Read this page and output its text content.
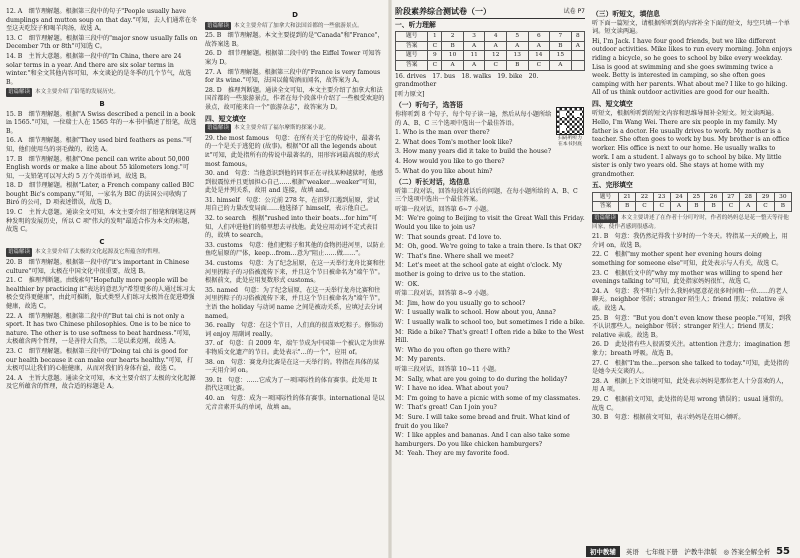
12. A　细节理解题。根据第三段中的句子"People usually have dumplings and mutton soup on that day."可知，去人们通常在冬至这天吃饺子和喝羊肉汤，故选 A。
13. C　细节理解题。根据第三段中的"major snow usually falls on December 7th or 8th"可知选 C。
14. B　主旨大意题。根据第一段中的"In China, there are 24 solar terms in a year. And there are six solar terms in winter."和全文其他内容可知，本文谈论的是冬季的几个节气，故选 B。
语篇解读 本文主要介绍了铅笔的发展历史。
B
15. B　细节理解题。根据"A Swiss described a pencil in a book in 1565."可知，一位瑞士人在 1565 年的一本书中描述了铅笔，故选 B。
16. A　细节理解题。根据"They used bird feathers as pens."可知，他们使用鸟的羽毛做的，故选 A。
17. B　细节理解题。根据"One pencil can write about 50,000 English words or make a line about 55 kilometers long."可知，一支铅笔可以写大约 5 万个英语单词，故选 B。
18. D　细节理解题。根据"Later, a French company called BIC bought Bic's company."可知，一家名为 BIC 的法国公司收购了 Biró 的公司，D 项表述错误，故选 D。
19. C　主旨大意题。通读全文可知，本文主要介绍了铅笔和钢笔这两种发明的发展历史，所以 C 项"伟大的发明"最适合作为本文的标题，故选 C。
C
语篇解读 本文主要介绍了太极的文化起源及它所蕴含的哲理。
20. B　细节理解题。根据第一段中的"it's important in Chinese culture"可知，太极在中国文化中很重要，故选 B。
21. C　推理判断题。由线索句"Hopefully more people will be healthier by practicing it"表达的意思为"希望更多的人通过练习太极会变得更健康"，由此可推断，版式类型人们练习太极旨在促进增强健康，故选 C。
22. A　细节理解题。根据第二段中的"But tai chi is not only a sport. It has two Chinese philosophies. One is to be nice to nature. The other is to use softness to beat hardness."可知，太极蕴含两个哲理，一是善待大自然，二是以柔克刚，故选 A。
23. C　细节理解题。根据第三段中的"Doing tai chi is good for our health because it can make our hearts healthy."可知，打太极可以让我们的心脏健康，从而对我们的身体有益，故选 C。
24. A　主旨大意题。通读全文可知，本文主要介绍了太极的文化起源及它所蕴含的哲理，故合适的标题是 A。
D
语篇解读 本文主要介绍了加拿大和法国首都的一些旅游景点。
25. B　细节理解题。本文主要提到的是"Canada"和"France"，故答案选 B。
26. D　细节理解题。根据第二段中的 the Eiffel Tower 可知答案为 D。
27. A　细节理解题。根据第三段中的"France is very famous for its wine."可知，法国以葡萄酒而闻名，故答案为 A。
28. D　推理判断题。通读全文可知，本文主要介绍了加拿大和法国首都的一些旅游景点，作者在每个段落中介绍了一些极受欢迎的景点，故可能来自一个"旅游杂志"，故答案为 D。
四、短文填空
语篇解读 本文主要介绍了福尔摩斯的探案小说。
29. the most famous　句意：在所有关于它的传说中，最著名的一个是关于逃犯的 (故事)。根据"Of all the legends about it"可知，此处指所有的传说中最著名的，用形容词最高级的形式 most famous。
30. and　句意：当他意识到他的同事正在寻找某种越狱时，他感到很震惊并且更加担心自己……根据"weaker…weaker"可知，此处是并列关系，故用 and 连接，故填 and。
31. himself　句意：公元前 278 年，在汨罗江遇到屈原，尝试用自己的力量改变局面……他选择了 himself，表示他自己。
32. to search　根据"rushed into their boats…for him"可知，人们冲进他们的船里想去寻找他。此处应用动词不定式表目的，故填 to search。
33. customs　句意：他们把粽子和其他的食物扔进河里，以防止鱼吃屈原的尸体，keep…from…意为"阻止……做……"。
34. customs　句意：为了纪念屈原，在这一天举行龙舟比赛和往河里扔粽子的习俗被流传下来，并且这个节日被命名为"端午节"。根据前文，此处应用复数形式 customs。
35. named　句意：为了纪念屈原，在这一天举行龙舟比赛和往河里扔粽子的习俗被流传下来，并且这个节日被命名为"端午节"。主语 the holiday 与动词 name 之间是被动关系，应填过去分词 named。
36. really　句意：在这个节日，人们真的很喜欢吃粽子。修饰动词 enjoy 用副词 really。
37. of　句意：自 2009 年，端午节成为中国第一个被认定为世界非物质文化遗产的节日。此处表示"…的一个"，应用 of。
38. on　句意：赛龙舟比赛是在这一天举行的。特指在具体的某一天用介词 on。
39. It　句意：……它成为了一项国际性的体育赛事。此处用 It 指代这项比赛。
40. an　句意：成为一项国际性的体育赛事。international 是以元音音素开头的单词，故填 an。
阶段素养综合测试卷（一）	试卷 P7
一、听力理解
题号	1	2	3	4	5	6	7	8
答案	C	B	A	A	A	A	B	A
题号	9	10	11	12	13	14	15	
答案	C	A	A	C	B	C	A	
扫码听听力 在本书封底
16. drives　17. bus　18. walks　19. bike　20. grandmother
[听力原文]
（一）听句子，选答语
你将听到 8 个句子，每个句子读一遍，然后从每小题所给的 A、B、C 三个选项中选出一个最佳答语。
1. Who is the man over there?
2. What does Tom's mother look like?
3. How many years did it take to build the house?
4. How would you like to go there?
5. What do you like about him?
（二）听长对话，选信息
听第二段对话，回答每段对话后的问题，在每小题所给的 A、B、C 三个选项中选出一个最佳答案。
听第一段对话，回答第 6~7 小题。
M：We're going to Beijing to visit the Great Wall this Friday. Would you like to join us?
W：That sounds great. I'd love to.
M：Oh, good. We're going to take a train there. Is that OK?
W：That's fine. Where shall we meet?
M：Let's meet at the school gate at eight o'clock. My mother is going to drive us to the station.
W：OK.
听第二段对话，回答第 8~9 小题。
M：Jim, how do you usually go to school?
W：I usually walk to school. How about you, Anna?
W：I usually walk to school too, but sometimes I ride a bike.
M：Ride a bike? That's great! I often ride a bike to the West Hill.
W：Who do you often go there with?
M：My parents.
听第三段对话，回答第 10~11 小题。
M：Sally, what are you going to do during the holiday?
W：I have no idea. What about you?
M：I'm going to have a picnic with some of my classmates.
W：That's great! Can I join you?
M：Sure. I will take some bread and fruit. What kind of fruit do you like?
W：I like apples and bananas. And I can also take some hamburgers. Do you like chicken hamburgers?
M：Yeah. They are my favorite food.
（三）听短文，填信息
听下面一篇短文，请根据所听到的内容补全下面的短文，每空只填一个单词。短文读两遍。
Hi, I'm Jack. I have four good friends, but we like different outdoor activities. Mike likes to run every morning. John enjoys riding a bicycle, so he goes to school by bike every weekday. Lisa is good at swimming and she goes swimming twice a week. Betty is interested in camping, so she often goes camping with her parents. What about me? I like to go hiking. All of us think outdoor activities are good for our health.
四、短文填空
听短文，根据所听到的短文内容和思维导图补全短文。短文读两遍。
Hello, I'm Wang Wei. There are six people in my family. My father is a doctor. He usually drives to work. My mother is a teacher. She often goes to work by bus. My brother is an office worker. His office is next to our home. He usually walks to work. I am a student. I always go to school by bike. My little sister is only two years old. She stays at home with my grandmother.
五、完形填空
题号	21	22	23	24	25	26	27	28	29	30
答案	B	C	C	A	B	B	C	A	C	B
语篇解读 本文主要讲述了在作者十分叮咛时，作者的妈妈总是花一整天等待他回家，使作者感到很感动。
21. B　句意：我仍然记得我十岁时的一个冬天。特指某一天的晚上，用介词 on，故选 B。
22. C　根据"my mother spent her evening hours doing something for someone else"可知，此处表示与人有关，故选 C。
23. C　根据后文中的"why my mother was willing to spend her evenings talking to"可知，此处指家妈妈很忙，故选 C。
24. A　句意：我不明白为什么我妈妈愿意花很多时间和一位……的老人聊天。neighbor 邻居；stranger 陌生人；friend 朋友；relative 亲戚。故选 A。
25. B　句意："But you don't even know these people."可知，到我不认识那些人。neighbor 邻居；stranger 陌生人；friend 朋友；relative 亲戚。故选 B。
26. D　此处指有些人很需要关注。attention 注意力；imagination 想象力；breath 呼吸。故选 B。
27. C　根据"I'm the…person she talked to today."可知，此处指的是她今天交谈的人。
28. A　根据上下文语境可知，此处表示妈妈是那位老人十分喜欢的人，用 A 项。
29. C　根据前文可知，此处指的是用 wrong 错误的；usual 通常的。故选 C。
30. B　句意：根据前文可知，表示妈妈是在用心倾听。
初中教辅	英语　七年级下册　沪教牛津版　◎ 答案全解全析 55
